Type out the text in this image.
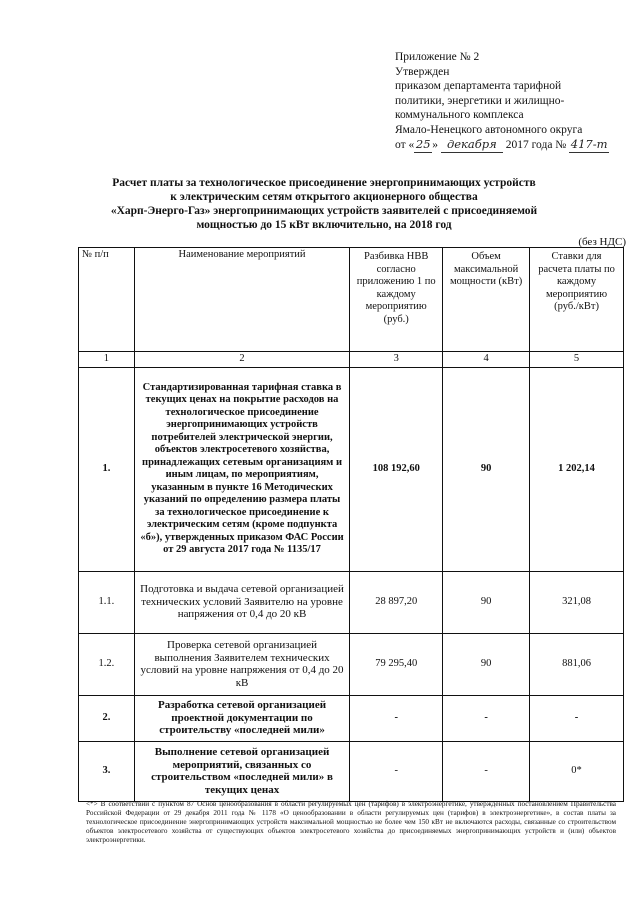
Приложение № 2
Утвержден
приказом департамента тарифной
политики, энергетики и жилищно-
коммунального комплекса
Ямало-Ненецкого автономного округа
от « 25 » декабря 2017 года № 417-т
Расчет платы за технологическое присоединение энергопринимающих устройств
к электрическим сетям открытого акционерного общества
«Харп-Энерго-Газ» энергопринимающих устройств заявителей с присоединяемой
мощностью до 15 кВт включительно, на 2018 год
(без НДС)
№ п/п	Наименование мероприятий	Разбивка НВВ согласно приложению 1 по каждому мероприятию (руб.)	Объем максимальной мощности (кВт)	Ставки для расчета платы по каждому мероприятию (руб./кВт)
1	2	3	4	5
1.	Стандартизированная тарифная ставка в текущих ценах на покрытие расходов на технологическое присоединение энергопринимающих устройств потребителей электрической энергии, объектов электросетевого хозяйства, принадлежащих сетевым организациям и иным лицам, по мероприятиям, указанным в пункте 16 Методических указаний по определению размера платы за технологическое присоединение к электрическим сетям (кроме подпункта «б»), утвержденных приказом ФАС России от 29 августа 2017 года № 1135/17	108 192,60	90	1 202,14
1.1.	Подготовка и выдача сетевой организацией технических условий Заявителю на уровне напряжения от 0,4 до 20 кВ	28 897,20	90	321,08
1.2.	Проверка сетевой организацией выполнения Заявителем технических условий на уровне напряжения от 0,4 до 20 кВ	79 295,40	90	881,06
2.	Разработка сетевой организацией проектной документации по строительству «последней мили»	-	-	-
3.	Выполнение сетевой организацией мероприятий, связанных со строительством «последней мили» в текущих ценах	-	-	0*
<*> В соответствии с пунктом 87 Основ ценообразования в области регулируемых цен (тарифов) в электроэнергетике, утвержденных постановлением Правительства Российской Федерации от 29 декабря 2011 года № 1178 «О ценообразовании в области регулируемых цен (тарифов) в электроэнергетике», в состав платы за технологическое присоединение энергопринимающих устройств максимальной мощностью не более чем 150 кВт не включаются расходы, связанные со строительством объектов электросетевого хозяйства от существующих объектов электросетевого хозяйства до присоединяемых энергопринимающих устройств и (или) объектов электроэнергетики.
